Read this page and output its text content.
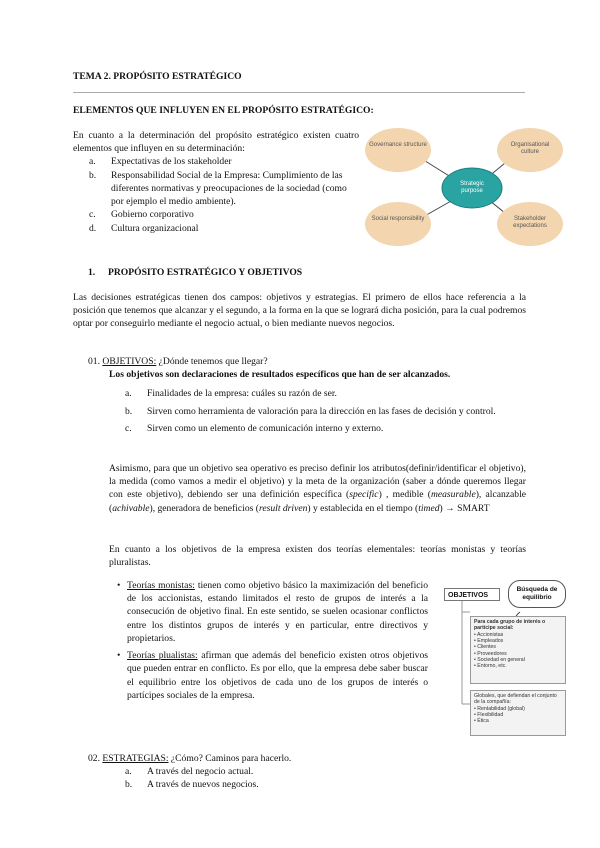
TEMA 2. PROPÓSITO ESTRATÉGICO
ELEMENTOS QUE INFLUYEN EN EL PROPÓSITO ESTRATÉGICO:

En cuanto a la determinación del propósito estratégico existen cuatro elementos que influyen en su determinación:

a. Expectativas de los stakeholder
b. Responsabilidad Social de la Empresa: Cumplimiento de las diferentes normativas y preocupaciones de la sociedad (como por ejemplo el medio ambiente).
c. Gobierno corporativo
d. Cultura organizacional
Governance structure	Organisational culture
Social responsibility	Stakeholder expectations
Strategic purpose
1. PROPÓSITO ESTRATÉGICO Y OBJETIVOS

Las decisiones estratégicas tienen dos campos: objetivos y estrategias. El primero de ellos hace referencia a la posición que tenemos que alcanzar y el segundo, a la forma en la que se logrará dicha posición, para la cual podremos optar por conseguirlo mediante el negocio actual, o bien mediante nuevos negocios.

01. OBJETIVOS: ¿Dónde tenemos que llegar?
Los objetivos son declaraciones de resultados específicos que han de ser alcanzados.
a. Finalidades de la empresa: cuáles su razón de ser.
b. Sirven como herramienta de valoración para la dirección en las fases de decisión y control.
c. Sirven como un elemento de comunicación interno y externo.

Asimismo, para que un objetivo sea operativo es preciso definir los atributos(definir/identificar el objetivo), la medida (como vamos a medir el objetivo) y la meta de la organización (saber a dónde queremos llegar con este objetivo), debiendo ser una definición específica (specific) , medible (measurable), alcanzable (achivable), generadora de beneficios (result driven) y establecida en el tiempo (timed) → SMART

En cuanto a los objetivos de la empresa existen dos teorías elementales: teorías monistas y teorías pluralistas.

• Teorías monistas: tienen como objetivo básico la maximización del beneficio de los accionistas, estando limitados el resto de grupos de interés a la consecución de objetivo final. En este sentido, se suelen ocasionar conflictos entre los distintos grupos de interés y en particular, entre directivos y propietarios.
• Teorías plualistas: afirman que además del beneficio existen otros objetivos que pueden entrar en conflicto. Es por ello, que la empresa debe saber buscar el equilibrio entre los objetivos de cada uno de los grupos de interés o partícipes sociales de la empresa.
OBJETIVOS
Búsqueda de equilibrio
Para cada grupo de interés o partícipe social:
• Accionistas
• Empleados
• Clientes
• Proveedores
• Sociedad en general
• Entorno, etc.
Globales, que defiendan el conjunto de la compañía:
• Rentabilidad (global)
• Flexibilidad
• Ética
02. ESTRATEGIAS: ¿Cómo? Caminos para hacerlo.
a. A través del negocio actual.
b. A través de nuevos negocios.
